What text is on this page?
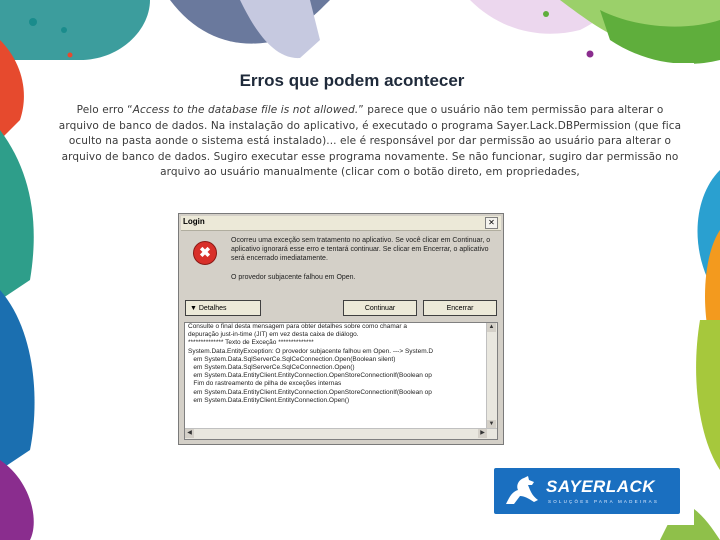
Erros que podem acontecer
Pelo erro “Access to the database file is not allowed.” parece que o usuário não tem permissão para alterar o arquivo de banco de dados. Na instalação do aplicativo, é executado o programa Sayer.Lack.DBPermission (que fica oculto na pasta aonde o sistema está instalado)... ele é responsável por dar permissão ao usuário para alterar o arquivo de banco de dados. Sugiro executar esse programa novamente. Se não funcionar, sugiro dar permissão no arquivo ao usuário manualmente (clicar com o botão direto, em propriedades,
Login	✕
✖
Ocorreu uma exceção sem tratamento no aplicativo. Se você clicar em Continuar, o aplicativo ignorará esse erro e tentará continuar. Se clicar em Encerrar, o aplicativo será encerrado imediatamente.
O provedor subjacente falhou em Open.
▼ Detalhes	Continuar	Encerrar
Consulte o final desta mensagem para obter detalhes sobre como chamar a
depuração just-in-time (JIT) em vez desta caixa de diálogo.
************** Texto de Exceção **************
System.Data.EntityException: O provedor subjacente falhou em Open. ---> System.D
em System.Data.SqlServerCe.SqlCeConnection.Open(Boolean silent)
em System.Data.SqlServerCe.SqlCeConnection.Open()
em System.Data.EntityClient.EntityConnection.OpenStoreConnectionIf(Boolean op
Fim do rastreamento de pilha de exceções internas
em System.Data.EntityClient.EntityConnection.OpenStoreConnectionIf(Boolean op
em System.Data.EntityClient.EntityConnection.Open()
▲
▼
◀	▶
SAYERLACK
SOLUÇÕES PARA MADEIRAS
